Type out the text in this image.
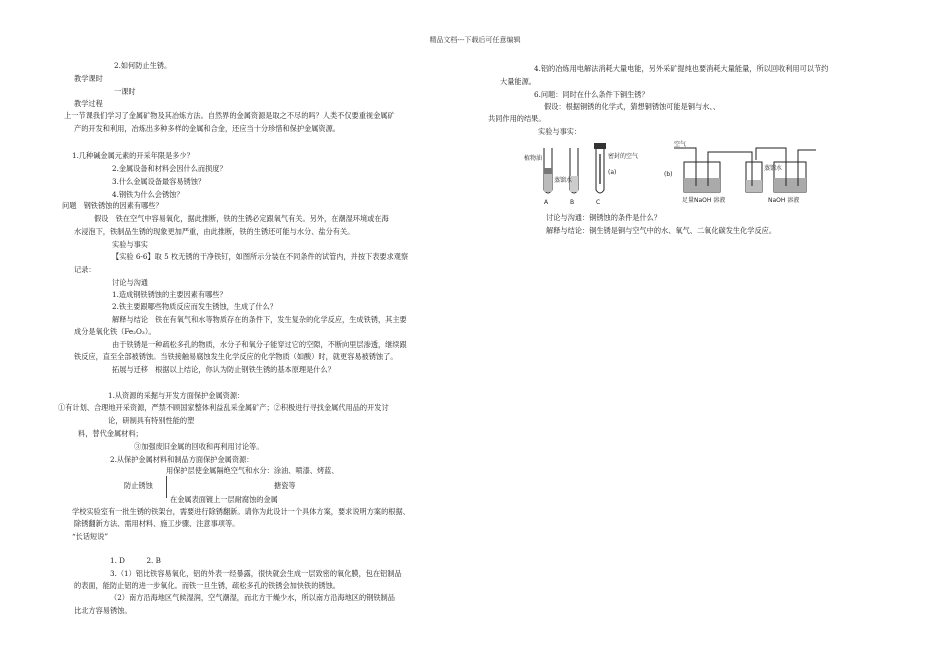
精品文档---下载后可任意编辑
2.如何防止生锈。
教学课时
一课时
教学过程
上一节课我们学习了金属矿物及其冶炼方法。自然界的金属资源是取之不尽的吗？人类不仅要重视金属矿
产的开发和利用，冶炼出多种多样的金属和合金，还应当十分珍惜和保护金属资源。
1.几种碱金属元素的开采年限是多少？
2.金属设备和材料会因什么而损度？
3.什么金属设备最容易锈蚀？
4.钢铁为什么会锈蚀？
问题　钢铁锈蚀的因素有哪些？
假设　铁在空气中容易氧化，据此推断，铁的生锈必定跟氧气有关。另外，在潮湿环境或在海
水浸泡下，铁制品生锈的现象更加严重，由此推断，铁的生锈还可能与水分、盐分有关。
实验与事实
【实验 6-6】取 5 枚无锈的干净铁钉，如图所示分装在不同条件的试管内，并按下表要求观察
记录：
讨论与沟通
1.造成钢铁锈蚀的主要因素有哪些？
2.铁主要跟哪些物质反应而发生锈蚀，生成了什么？
解释与结论　铁在有氧气和水等物质存在的条件下，发生复杂的化学反应，生成铁锈，其主要
成分是氧化铁（Fe₂O₃）。
由于铁锈是一种疏松多孔的物质，水分子和氧分子能穿过它的空隙，不断向里层渗透，继续跟
铁反应，直至全部被锈蚀。当铁接触易腐蚀发生化学反应的化学物质（如酸）时，就更容易被锈蚀了。
拓展与迁移　根据以上结论，你认为防止钢铁生锈的基本原理是什么？
1.从资源的采掘与开发方面保护金属资源：
①有计划、合理地开采资源，严禁不顾国家整体利益乱采金属矿产；②积极进行寻找金属代用品的开发讨
论，研制具有特别性能的塑
料，替代金属材料；
③加强废旧金属的回收和再利用讨论等。
2.从保护金属材料和制品方面保护金属资源：
用保护层使金属隔绝空气和水分：涂油、喷漆、烤蓝、
防止锈蚀	搪瓷等
在金属表面镀上一层耐腐蚀的金属
学校实验室有一批生锈的铁架台，需要进行除锈翻新。请你为此设计一个具体方案，要求说明方案的根据、
除锈翻新方法、需用材料、施工步骤、注意事项等。
“长话短说”
1. D　　　2. B
3.（1）铝比铁容易氧化，铝的外表一经暴露，很快就会生成一层致密的氧化膜，包在铝制品
的表面，能防止铝的进一步氧化。而铁一旦生锈，疏松多孔的铁锈会加快铁的锈蚀。
（2）南方沿海地区气候湿润，空气潮湿，而北方干燥少水，所以南方沿海地区的钢铁制品
比北方容易锈蚀。
4.铝的冶炼用电解法消耗大量电能，另外采矿提纯也要消耗大量能量，所以回收利用可以节约
大量能源。
6.问题：同时在什么条件下铜生锈？
假设：根据铜锈的化学式，猜想铜锈蚀可能是铜与水、、
共同作用的结果。
实验与事实：
讨论与沟通：铜锈蚀的条件是什么？
解释与结论：铜生锈是铜与空气中的水、氧气、二氧化碳发生化学反应。
植物油
蒸馏水
密封的空气
(a)
A	B	C
空气
(b)
蒸馏水
足量NaOH 溶液	NaOH 溶液
